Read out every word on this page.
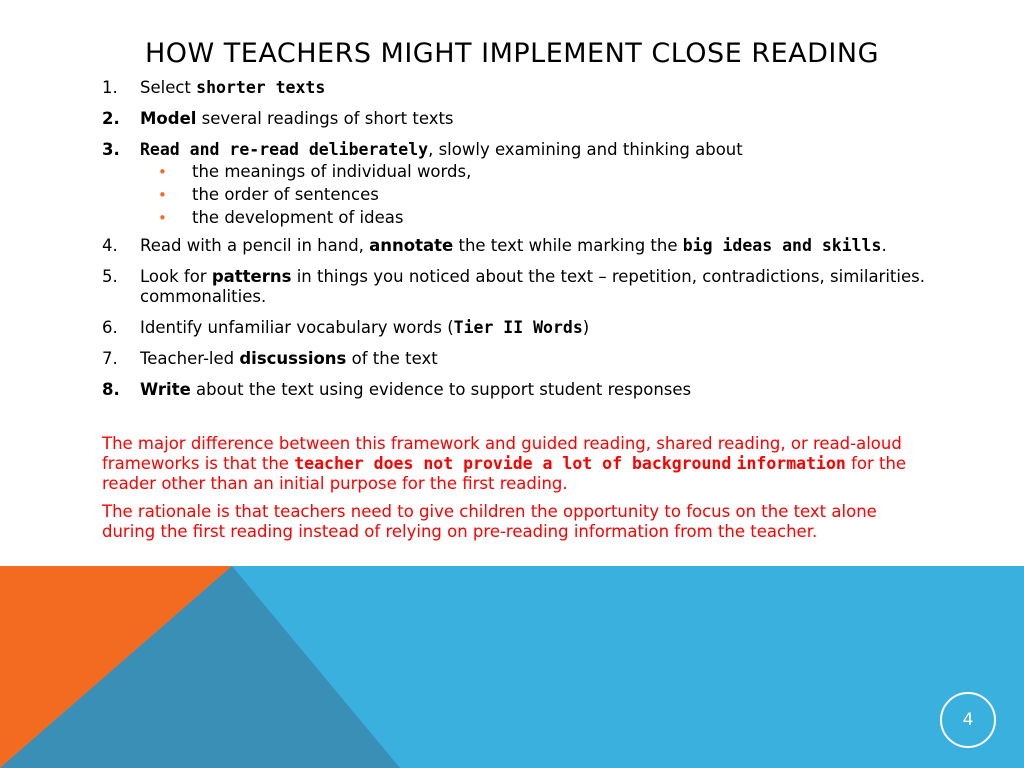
HOW TEACHERS MIGHT IMPLEMENT CLOSE READING
1.	Select shorter texts
2.	Model several readings of short texts
3.	Read and re-read deliberately, slowly examining and thinking about
• the meanings of individual words,
• the order of sentences
• the development of ideas
4.	Read with a pencil in hand, annotate the text while marking the big ideas and skills.
5.	Look for patterns in things you noticed about the text – repetition, contradictions, similarities. commonalities.
6.	Identify unfamiliar vocabulary words (Tier II Words)
7.	Teacher-led discussions of the text
8.	Write about the text using evidence to support student responses

The major difference between this framework and guided reading, shared reading, or read-aloud frameworks is that the teacher does not provide a lot of background information for the reader other than an initial purpose for the first reading.

The rationale is that teachers need to give children the opportunity to focus on the text alone during the first reading instead of relying on pre-reading information from the teacher.

4
